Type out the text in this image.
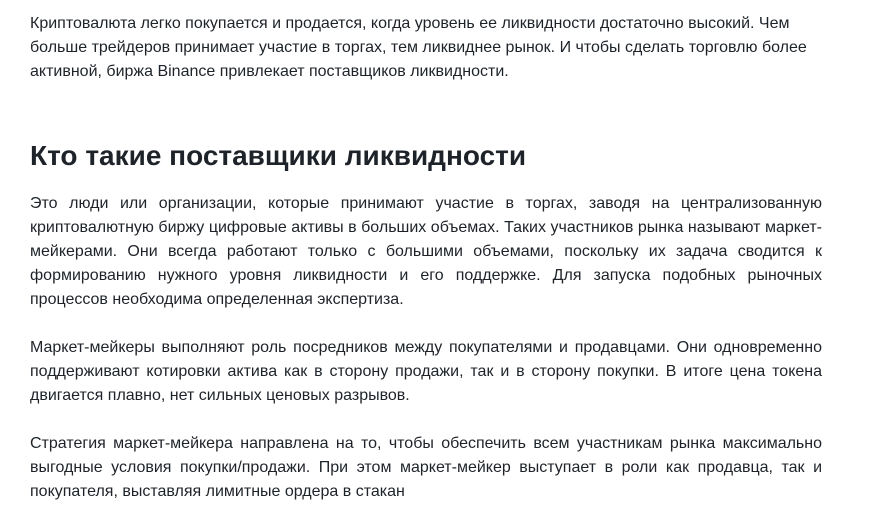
Криптовалюта легко покупается и продается, когда уровень ее ликвидности достаточно высокий. Чем больше трейдеров принимает участие в торгах, тем ликвиднее рынок. И чтобы сделать торговлю более активной, биржа Binance привлекает поставщиков ликвидности.

Кто такие поставщики ликвидности

Это люди или организации, которые принимают участие в торгах, заводя на централизованную криптовалютную биржу цифровые активы в больших объемах. Таких участников рынка называют маркет-мейкерами. Они всегда работают только с большими объемами, поскольку их задача сводится к формированию нужного уровня ликвидности и его поддержке. Для запуска подобных рыночных процессов необходима определенная экспертиза.

Маркет-мейкеры выполняют роль посредников между покупателями и продавцами. Они одновременно поддерживают котировки актива как в сторону продажи, так и в сторону покупки. В итоге цена токена двигается плавно, нет сильных ценовых разрывов.

Стратегия маркет-мейкера направлена на то, чтобы обеспечить всем участникам рынка максимально выгодные условия покупки/продажи. При этом маркет-мейкер выступает в роли как продавца, так и покупателя, выставляя лимитные ордера в стакан
